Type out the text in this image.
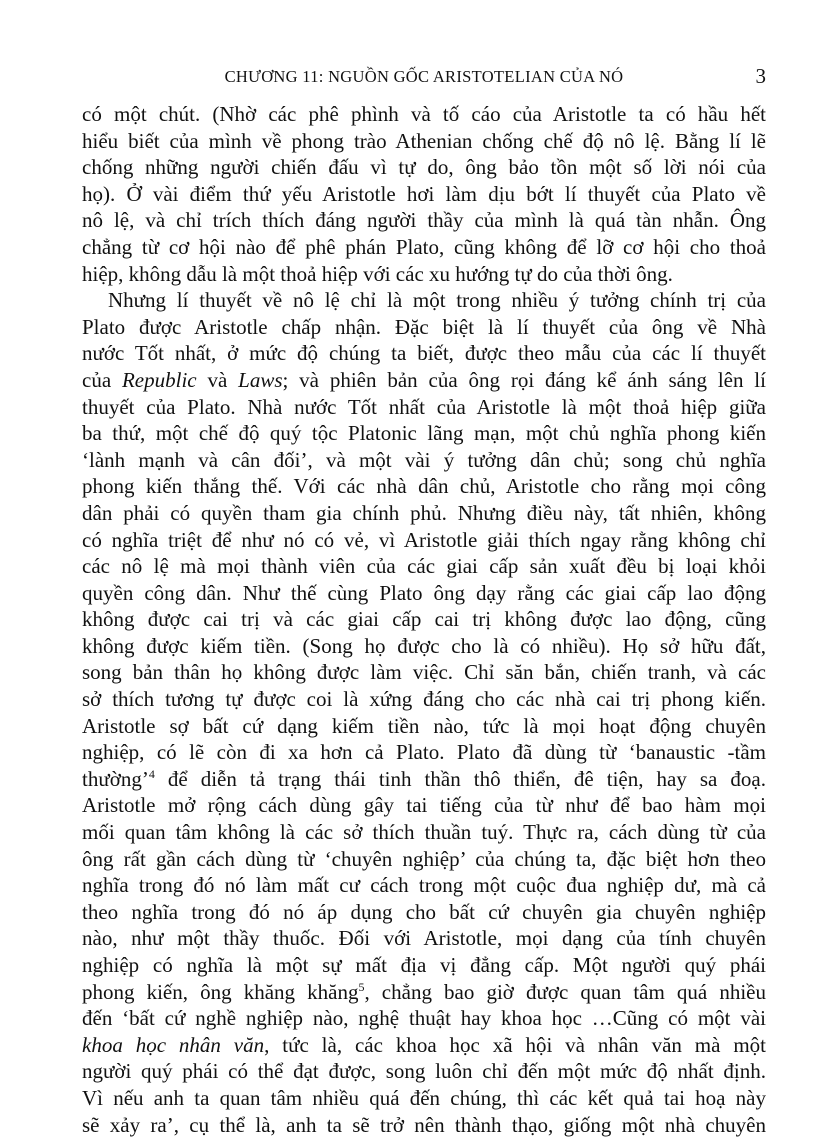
CHƯƠNG 11: NGUỒN GỐC ARISTOTELIAN CỦA NÓ	3

có một chút. (Nhờ các phê phình và tố cáo của Aristotle ta có hầu hết
hiểu biết của mình về phong trào Athenian chống chế độ nô lệ. Bằng lí lẽ
chống những người chiến đấu vì tự do, ông bảo tồn một số lời nói của
họ). Ở vài điểm thứ yếu Aristotle hơi làm dịu bớt lí thuyết của Plato về
nô lệ, và chỉ trích thích đáng người thầy của mình là quá tàn nhẫn. Ông
chẳng từ cơ hội nào để phê phán Plato, cũng không để lỡ cơ hội cho thoả
hiệp, không dẫu là một thoả hiệp với các xu hướng tự do của thời ông.

Nhưng lí thuyết về nô lệ chỉ là một trong nhiều ý tưởng chính trị của
Plato được Aristotle chấp nhận. Đặc biệt là lí thuyết của ông về Nhà
nước Tốt nhất, ở mức độ chúng ta biết, được theo mẫu của các lí thuyết
của Republic và Laws; và phiên bản của ông rọi đáng kể ánh sáng lên lí
thuyết của Plato. Nhà nước Tốt nhất của Aristotle là một thoả hiệp giữa
ba thứ, một chế độ quý tộc Platonic lãng mạn, một chủ nghĩa phong kiến
‘lành mạnh và cân đối’, và một vài ý tưởng dân chủ; song chủ nghĩa
phong kiến thắng thế. Với các nhà dân chủ, Aristotle cho rằng mọi công
dân phải có quyền tham gia chính phủ. Nhưng điều này, tất nhiên, không
có nghĩa triệt để như nó có vẻ, vì Aristotle giải thích ngay rằng không chỉ
các nô lệ mà mọi thành viên của các giai cấp sản xuất đều bị loại khỏi
quyền công dân. Như thế cùng Plato ông dạy rằng các giai cấp lao động
không được cai trị và các giai cấp cai trị không được lao động, cũng
không được kiếm tiền. (Song họ được cho là có nhiều). Họ sở hữu đất,
song bản thân họ không được làm việc. Chỉ săn bắn, chiến tranh, và các
sở thích tương tự được coi là xứng đáng cho các nhà cai trị phong kiến.
Aristotle sợ bất cứ dạng kiếm tiền nào, tức là mọi hoạt động chuyên
nghiệp, có lẽ còn đi xa hơn cả Plato. Plato đã dùng từ ‘banaustic -tầm
thường’$^4$ để diễn tả trạng thái tinh thần thô thiển, đê tiện, hay sa đoạ.
Aristotle mở rộng cách dùng gây tai tiếng của từ như để bao hàm mọi
mối quan tâm không là các sở thích thuần tuý. Thực ra, cách dùng từ của
ông rất gần cách dùng từ ‘chuyên nghiệp’ của chúng ta, đặc biệt hơn theo
nghĩa trong đó nó làm mất cư cách trong một cuộc đua nghiệp dư, mà cả
theo nghĩa trong đó nó áp dụng cho bất cứ chuyên gia chuyên nghiệp
nào, như một thầy thuốc. Đối với Aristotle, mọi dạng của tính chuyên
nghiệp có nghĩa là một sự mất địa vị đẳng cấp. Một người quý phái
phong kiến, ông khăng khăng$^5$, chẳng bao giờ được quan tâm quá nhiều
đến ‘bất cứ nghề nghiệp nào, nghệ thuật hay khoa học …Cũng có một vài
khoa học nhân văn, tức là, các khoa học xã hội và nhân văn mà một
người quý phái có thể đạt được, song luôn chỉ đến một mức độ nhất định.
Vì nếu anh ta quan tâm nhiều quá đến chúng, thì các kết quả tai hoạ này
sẽ xảy ra’, cụ thể là, anh ta sẽ trở nên thành thạo, giống một nhà chuyên
